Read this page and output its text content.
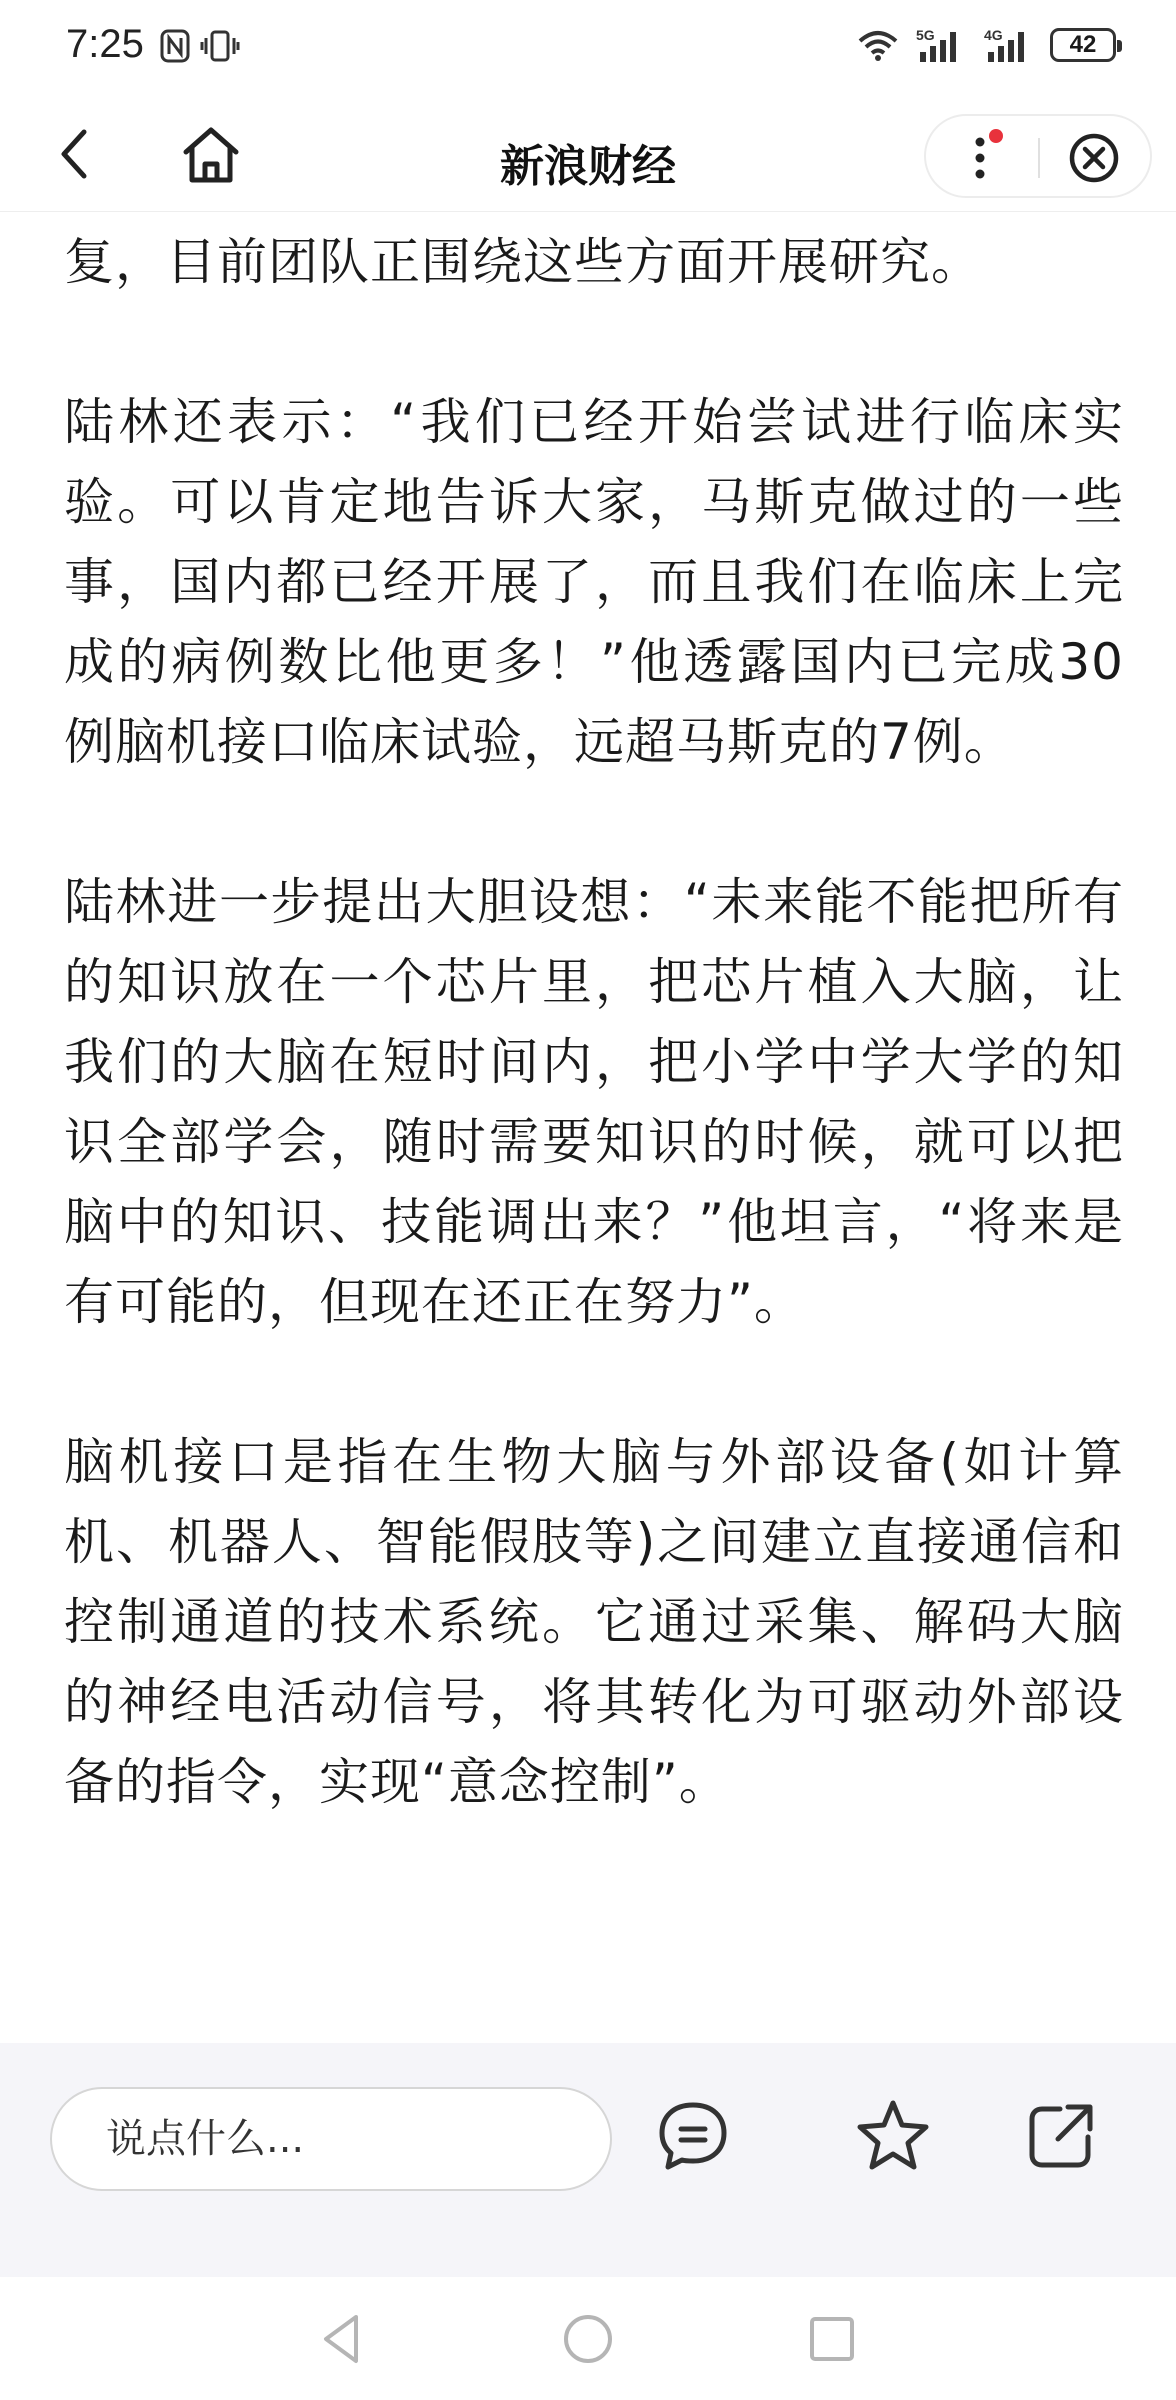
7:25	5G	4G	42
新浪财经

复，目前团队正围绕这些方面开展研究。

陆林还表示：“我们已经开始尝试进行临床实验。可以肯定地告诉大家，马斯克做过的一些事，国内都已经开展了，而且我们在临床上完成的病例数比他更多！”他透露国内已完成30例脑机接口临床试验，远超马斯克的7例。

陆林进一步提出大胆设想：“未来能不能把所有的知识放在一个芯片里，把芯片植入大脑，让我们的大脑在短时间内，把小学中学大学的知识全部学会，随时需要知识的时候，就可以把脑中的知识、技能调出来？”他坦言，“将来是有可能的，但现在还正在努力”。

脑机接口是指在生物大脑与外部设备(如计算机、机器人、智能假肢等)之间建立直接通信和控制通道的技术系统。它通过采集、解码大脑的神经电活动信号，将其转化为可驱动外部设备的指令，实现“意念控制”。

说点什么...
